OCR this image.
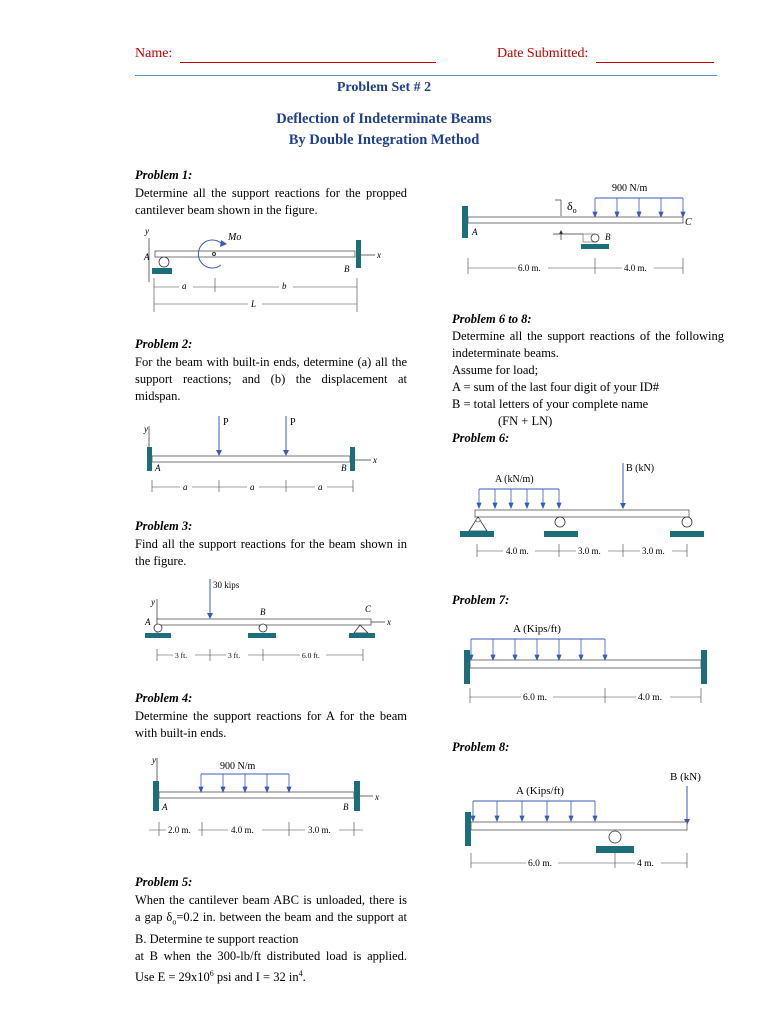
Name:	Date Submitted:
Problem Set # 2
Deflection of Indeterminate Beams
By Double Integration Method
Problem 1:
Determine all the support reactions for the propped
cantilever beam shown in the figure.
y
x
A
B
Mo
a	b
L
Problem 2:
For the beam with built-in ends, determine (a) all the
support reactions; and (b) the displacement at
midspan.
y
x
A	B
P	P
a	a	a
Problem 3:
Find all the support reactions for the beam shown in
the figure.
30 kips
y
A
B	C
x
3 ft.	3 ft.	6.0 ft.
Problem 4:
Determine the support reactions for A for the beam
with built-in ends.
y
x
A	B
900 N/m
2.0 m.	4.0 m.	3.0 m.
Problem 5:
When the cantilever beam ABC is unloaded, there is
a gap $\delta_o=0.2$ in. between the beam and the support at
B. Determine te support reaction
at B when the 300-lb/ft distributed load is applied.
Use $E = 29x10^6$ psi and I = 32 $in^4$.
900 N/m
A
C
$\delta_o$
B
6.0 m.	4.0 m.
Problem 6 to 8:
Determine all the support reactions of the following
indeterminate beams.
Assume for load;
A = sum of the last four digit of your ID#
B = total letters of your complete name
(FN + LN)
Problem 6:
B (kN)
A (kN/m)
4.0 m.	3.0 m.	3.0 m.
Problem 7:
A (Kips/ft)
6.0 m.	4.0 m.
Problem 8:
B (kN)
A (Kips/ft)
6.0 m.	4 m.
